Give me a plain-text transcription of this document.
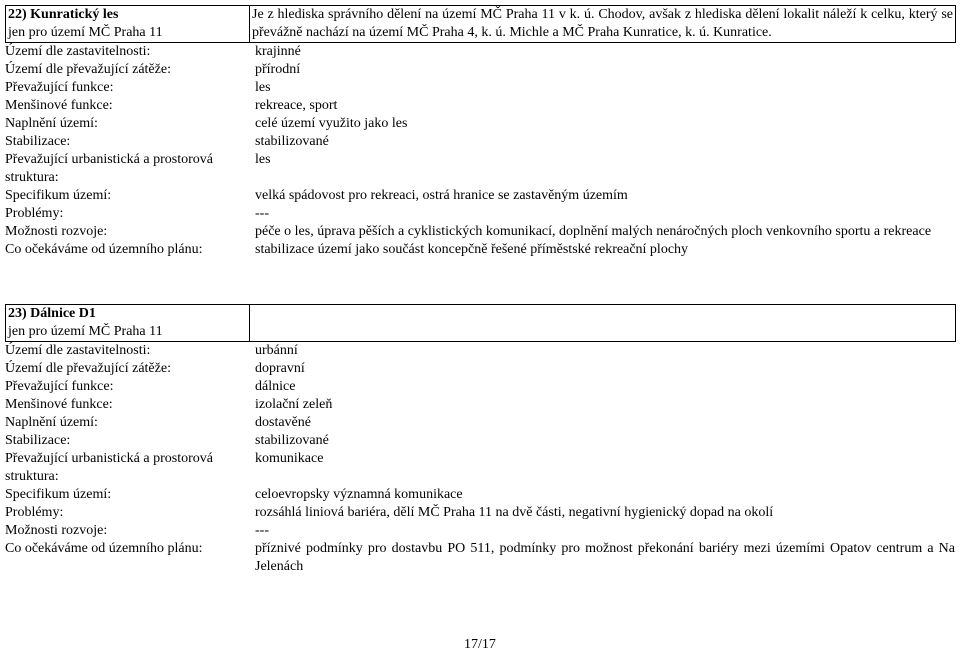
22) Kunratický les
jen pro území MČ Praha 11
	Je z hlediska správního dělení na území MČ Praha 11 v k. ú. Chodov, avšak z hlediska dělení lokalit náleží k celku, který se převážně nachází na území MČ Praha 4, k. ú. Michle a MČ Praha Kunratice, k. ú. Kunratice.
Území dle zastavitelnosti:	krajinné
Území dle převažující zátěže:	přírodní
Převažující funkce:	les
Menšinové funkce:	rekreace, sport
Naplnění území:	celé území využito jako les
Stabilizace:	stabilizované
Převažující urbanistická a prostorová struktura:
les
Specifikum území:	velká spádovost pro rekreaci, ostrá hranice se zastavěným územím
Problémy:	---
Možnosti rozvoje:	péče o les, úprava pěších a cyklistických komunikací, doplnění malých nenáročných ploch venkovního sportu a rekreace
Co očekáváme od územního plánu:	stabilizace území jako součást koncepčně řešené příměstské rekreační plochy
23) Dálnice D1
jen pro území MČ Praha 11

Území dle zastavitelnosti:	urbánní
Území dle převažující zátěže:	dopravní
Převažující funkce:	dálnice
Menšinové funkce:	izolační zeleň
Naplnění území:	dostavěné
Stabilizace:	stabilizované
Převažující urbanistická a prostorová struktura:
komunikace
Specifikum území:	celoevropsky významná komunikace
Problémy:	rozsáhlá liniová bariéra, dělí MČ Praha 11 na dvě části, negativní hygienický dopad na okolí
Možnosti rozvoje:	---
Co očekáváme od územního plánu:	příznivé podmínky pro dostavbu PO 511, podmínky pro možnost překonání bariéry mezi územími Opatov centrum a Na Jelenách
17/17
